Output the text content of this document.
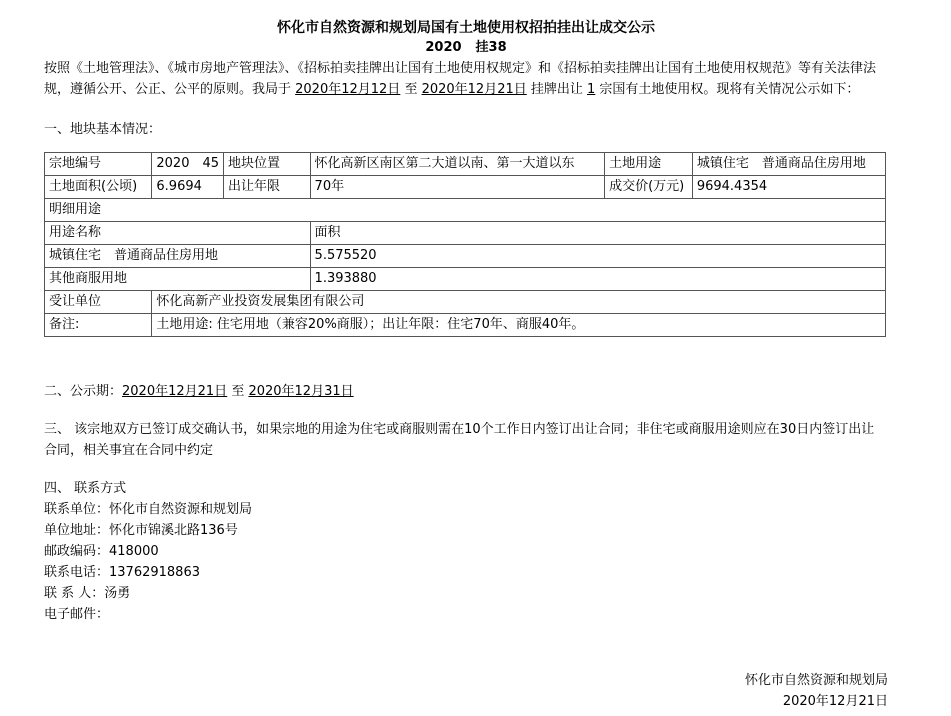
怀化市自然资源和规划局国有土地使用权招拍挂出让成交公示
2020 挂38
按照《土地管理法》、《城市房地产管理法》、《招标拍卖挂牌出让国有土地使用权规定》和《招标拍卖挂牌出让国有土地使用权规范》等有关法律法规，遵循公开、公正、公平的原则。我局于 2020年12月12日 至 2020年12月21日 挂牌出让 1 宗国有土地使用权。现将有关情况公示如下：
一、地块基本情况：
宗地编号	2020　45	地块位置	怀化高新区南区第二大道以南、第一大道以东	土地用途	城镇住宅　普通商品住房用地
土地面积(公顷)	6.9694	出让年限	70年	成交价(万元)	9694.4354
明细用途					
用途名称			面积		
城镇住宅　普通商品住房用地			5.575520		
其他商服用地			1.393880		
受让单位	怀化高新产业投资发展集团有限公司				
备注:	土地用途: 住宅用地（兼容20%商服）；出让年限：住宅70年、商服40年。				
二、公示期：2020年12月21日 至 2020年12月31日
三、 该宗地双方已签订成交确认书，如果宗地的用途为住宅或商服则需在10个工作日内签订出让合同；非住宅或商服用途则应在30日内签订出让合同，相关事宜在合同中约定
四、 联系方式
联系单位：怀化市自然资源和规划局
单位地址：怀化市锦溪北路136号
邮政编码：418000
联系电话：13762918863
联 系 人：汤勇
电子邮件：
怀化市自然资源和规划局
2020年12月21日
